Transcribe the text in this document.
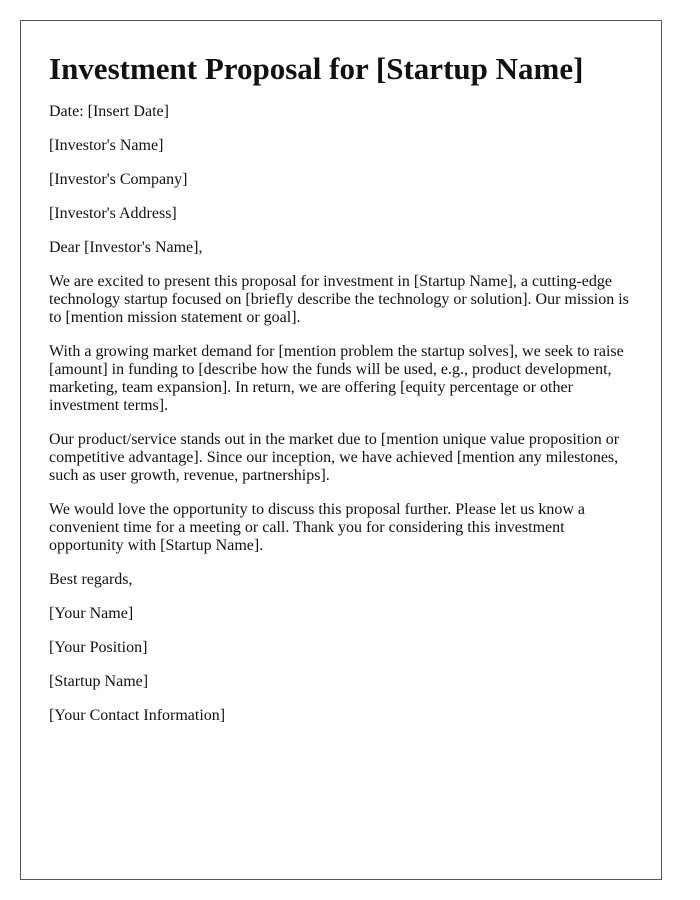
Investment Proposal for [Startup Name]

Date: [Insert Date]

[Investor's Name]

[Investor's Company]

[Investor's Address]

Dear [Investor's Name],

We are excited to present this proposal for investment in [Startup Name], a cutting-edge technology startup focused on [briefly describe the technology or solution]. Our mission is to [mention mission statement or goal].

With a growing market demand for [mention problem the startup solves], we seek to raise [amount] in funding to [describe how the funds will be used, e.g., product development, marketing, team expansion]. In return, we are offering [equity percentage or other investment terms].

Our product/service stands out in the market due to [mention unique value proposition or competitive advantage]. Since our inception, we have achieved [mention any milestones, such as user growth, revenue, partnerships].

We would love the opportunity to discuss this proposal further. Please let us know a convenient time for a meeting or call. Thank you for considering this investment opportunity with [Startup Name].

Best regards,

[Your Name]

[Your Position]

[Startup Name]

[Your Contact Information]
